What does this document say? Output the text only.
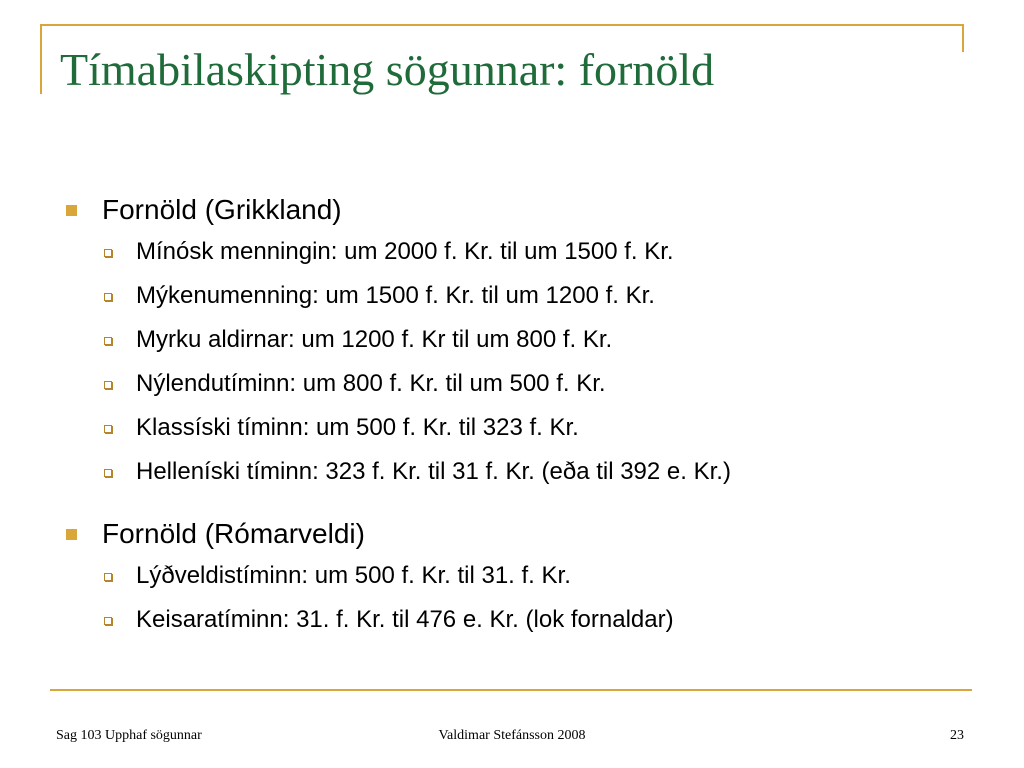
Tímabilaskipting sögunnar: fornöld
Fornöld (Grikkland)
Mínósk menningin: um 2000 f. Kr. til um 1500 f. Kr.
Mýkenumenning: um 1500 f. Kr. til um 1200 f. Kr.
Myrku aldirnar: um 1200 f. Kr til um 800 f. Kr.
Nýlendutíminn: um 800 f. Kr. til um 500 f. Kr.
Klassíski tíminn: um 500 f. Kr. til 323 f. Kr.
Helleníski tíminn: 323 f. Kr. til 31 f. Kr. (eða til 392 e. Kr.)
Fornöld (Rómarveldi)
Lýðveldistíminn: um 500 f. Kr. til 31. f. Kr.
Keisaratíminn: 31. f. Kr. til 476 e. Kr. (lok fornaldar)
Sag 103 Upphaf sögunnar	Valdimar Stefánsson 2008	23
